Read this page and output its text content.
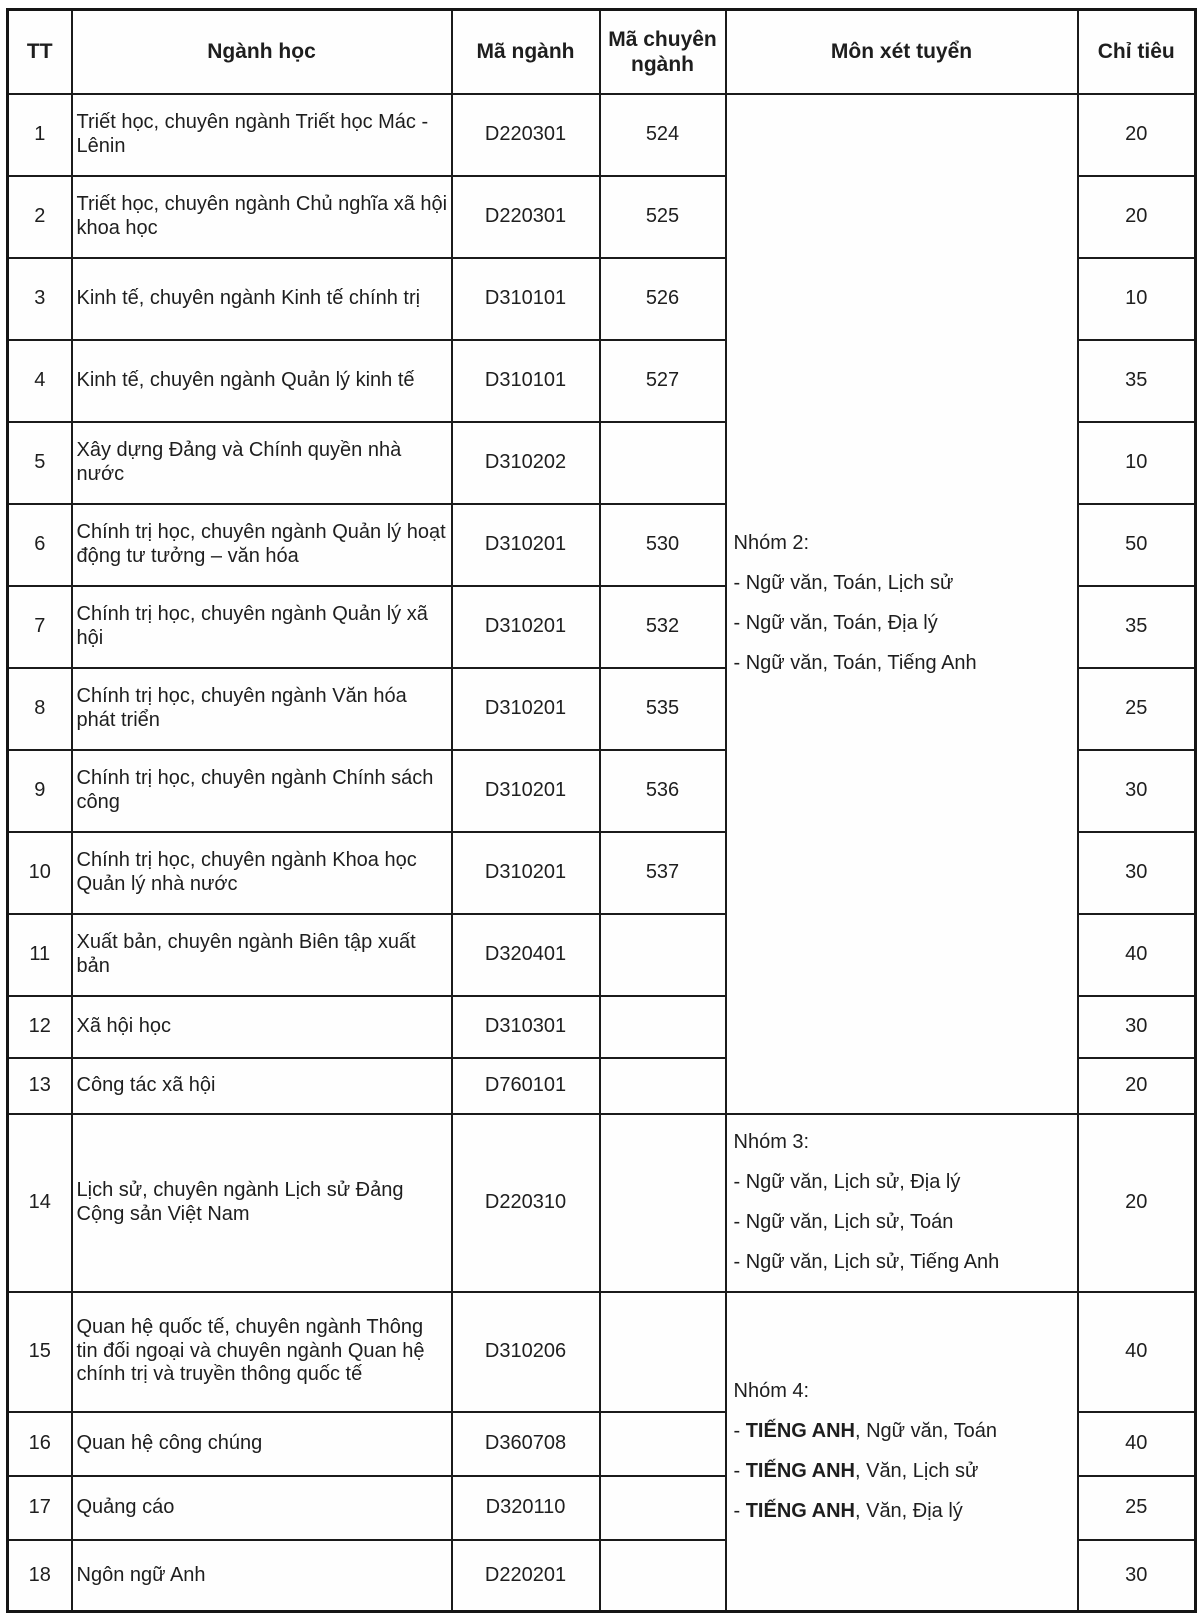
TT	Ngành học	Mã ngành	Mã chuyên ngành	Môn xét tuyển	Chỉ tiêu
1	Triết học, chuyên ngành Triết học Mác - Lênin	D220301	524	Nhóm 2:
- Ngữ văn, Toán, Lịch sử
- Ngữ văn, Toán, Địa lý
- Ngữ văn, Toán, Tiếng Anh	20
2	Triết học, chuyên ngành Chủ nghĩa xã hội khoa học	D220301	525		20
3	Kinh tế, chuyên ngành Kinh tế chính trị	D310101	526		10
4	Kinh tế, chuyên ngành Quản lý kinh tế	D310101	527		35
5	Xây dựng Đảng và Chính quyền nhà nước	D310202			10
6	Chính trị học, chuyên ngành Quản lý hoạt động tư tưởng – văn hóa	D310201	530		50
7	Chính trị học, chuyên ngành Quản lý xã hội	D310201	532		35
8	Chính trị học, chuyên ngành Văn hóa phát triển	D310201	535		25
9	Chính trị học, chuyên ngành Chính sách công	D310201	536		30
10	Chính trị học, chuyên ngành Khoa học Quản lý nhà nước	D310201	537		30
11	Xuất bản, chuyên ngành Biên tập xuất bản	D320401			40
12	Xã hội học	D310301			30
13	Công tác xã hội	D760101			20
14	Lịch sử, chuyên ngành Lịch sử Đảng Cộng sản Việt Nam	D220310		Nhóm 3:
- Ngữ văn, Lịch sử, Địa lý
- Ngữ văn, Lịch sử, Toán
- Ngữ văn, Lịch sử, Tiếng Anh	20
15	Quan hệ quốc tế, chuyên ngành Thông tin đối ngoại và chuyên ngành Quan hệ chính trị và truyền thông quốc tế	D310206		Nhóm 4:
- TIẾNG ANH, Ngữ văn, Toán
- TIẾNG ANH, Văn, Lịch sử
- TIẾNG ANH, Văn, Địa lý	40
16	Quan hệ công chúng	D360708			40
17	Quảng cáo	D320110			25
18	Ngôn ngữ Anh	D220201			30
